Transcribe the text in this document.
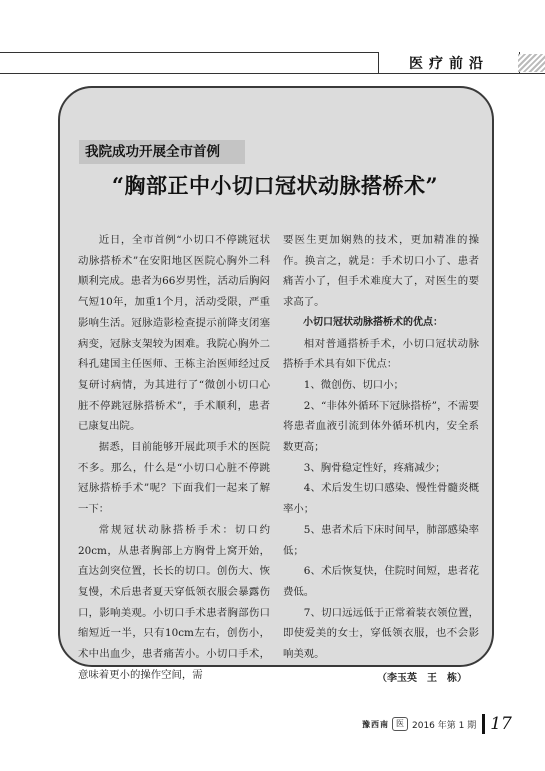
医疗前沿
我院成功开展全市首例
“胸部正中小切口冠状动脉搭桥术”

近日，全市首例“小切口不停跳冠状动脉搭桥术”在安阳地区医院心胸外二科顺利完成。患者为66岁男性，活动后胸闷气短10年，加重1个月，活动受限，严重影响生活。冠脉造影检查提示前降支闭塞病变，冠脉支架较为困难。我院心胸外二科孔建国主任医师、王栋主治医师经过反复研讨病情，为其进行了“微创小切口心脏不停跳冠脉搭桥术”，手术顺利，患者已康复出院。

据悉，目前能够开展此项手术的医院不多。那么，什么是“小切口心脏不停跳冠脉搭桥手术”呢？下面我们一起来了解一下：

常规冠状动脉搭桥手术：切口约20cm，从患者胸部上方胸骨上窝开始，直达剑突位置，长长的切口。创伤大、恢复慢，术后患者夏天穿低领衣服会暴露伤口，影响美观。小切口手术患者胸部伤口缩短近一半，只有10cm左右，创伤小，术中出血少，患者痛苦小。小切口手术，意味着更小的操作空间，需

要医生更加娴熟的技术，更加精准的操作。换言之，就是：手术切口小了、患者痛苦小了，但手术难度大了，对医生的要求高了。

小切口冠状动脉搭桥术的优点：

相对普通搭桥手术，小切口冠状动脉搭桥手术具有如下优点：

1、微创伤、切口小；

2、“非体外循环下冠脉搭桥”，不需要将患者血液引流到体外循环机内，安全系数更高；

3、胸骨稳定性好，疼痛减少；

4、术后发生切口感染、慢性骨髓炎概率小；

5、患者术后下床时间早，肺部感染率低；

6、术后恢复快，住院时间短，患者花费低。

7、切口远远低于正常着装衣领位置，即使爱美的女士，穿低领衣服，也不会影响美观。

（李玉英　王　栋）

豫西南 医 2016 年第 1 期 17
